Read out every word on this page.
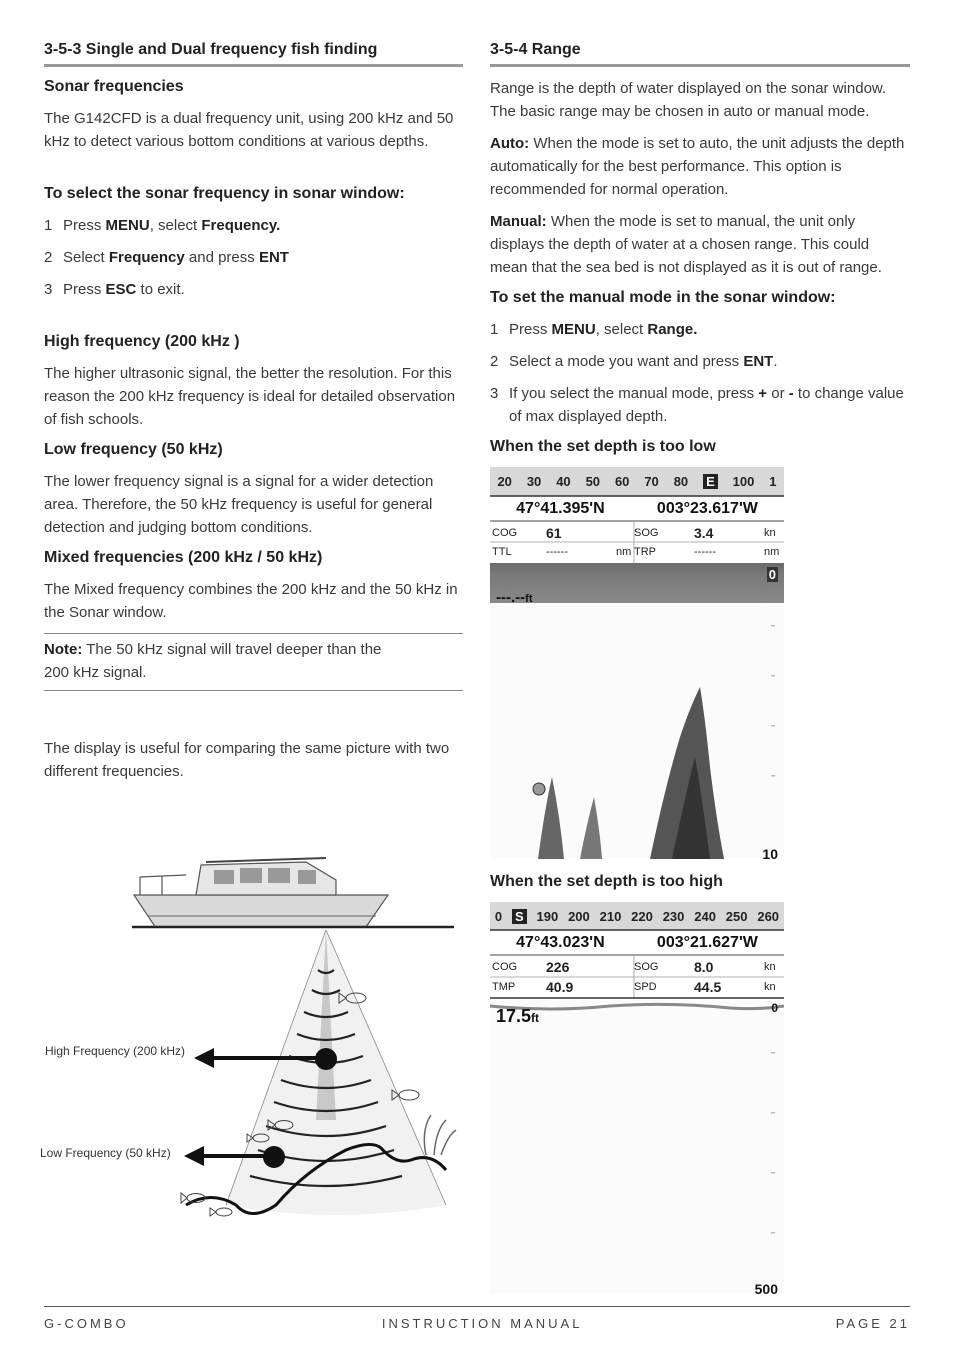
3-5-3 Single and Dual frequency fish finding
Sonar frequencies

The G142CFD is a dual frequency unit, using 200 kHz and 50 kHz to detect various bottom conditions at various depths.

To select the sonar frequency in sonar window:
1 Press MENU, select Frequency.
2 Select Frequency and press ENT
3 Press ESC to exit.
High frequency (200 kHz )

The higher ultrasonic signal, the better the resolution. For this reason the 200 kHz frequency is ideal for detailed observation of fish schools.

Low frequency (50 kHz)

The lower frequency signal is a signal for a wider detection area. Therefore, the 50 kHz frequency is useful for general detection and judging bottom conditions.

Mixed frequencies (200 kHz / 50 kHz)

The Mixed frequency combines the 200 kHz and the 50 kHz in the Sonar window.

Note: The 50 kHz signal will travel deeper than the 200 kHz signal.

The display is useful for comparing the same picture with two different frequencies.

High Frequency (200 kHz)
Low Frequency (50 kHz)
3-5-4 Range

Range is the depth of water displayed on the sonar window. The basic range may be chosen in auto or manual mode.

Auto: When the mode is set to auto, the unit adjusts the depth automatically for the best performance. This option is recommended for normal operation.

Manual: When the mode is set to manual, the unit only displays the depth of water at a chosen range. This could mean that the sea bed is not displayed as it is out of range.

To set the manual mode in the sonar window:
1 Press MENU, select Range.
2 Select a mode you want and press ENT.
3 If you select the manual mode, press + or - to change value of max displayed depth.
When the set depth is too low
20 30 40 50 60 70 80 E 100 1
47°41.395'N	003°23.617'W
COG	61	SOG	3.4	kn
TTL	------	nm TRP	------	nm
0
---.--ft
10
When the set depth is too high
0 S 190 200 210 220 230 240 250 260
47°43.023'N	003°21.627'W
COG	226	SOG	8.0	kn
TMP	40.9	SPD	44.5	kn
0
17.5ft
500
G-COMBO	INSTRUCTION MANUAL	PAGE 21
